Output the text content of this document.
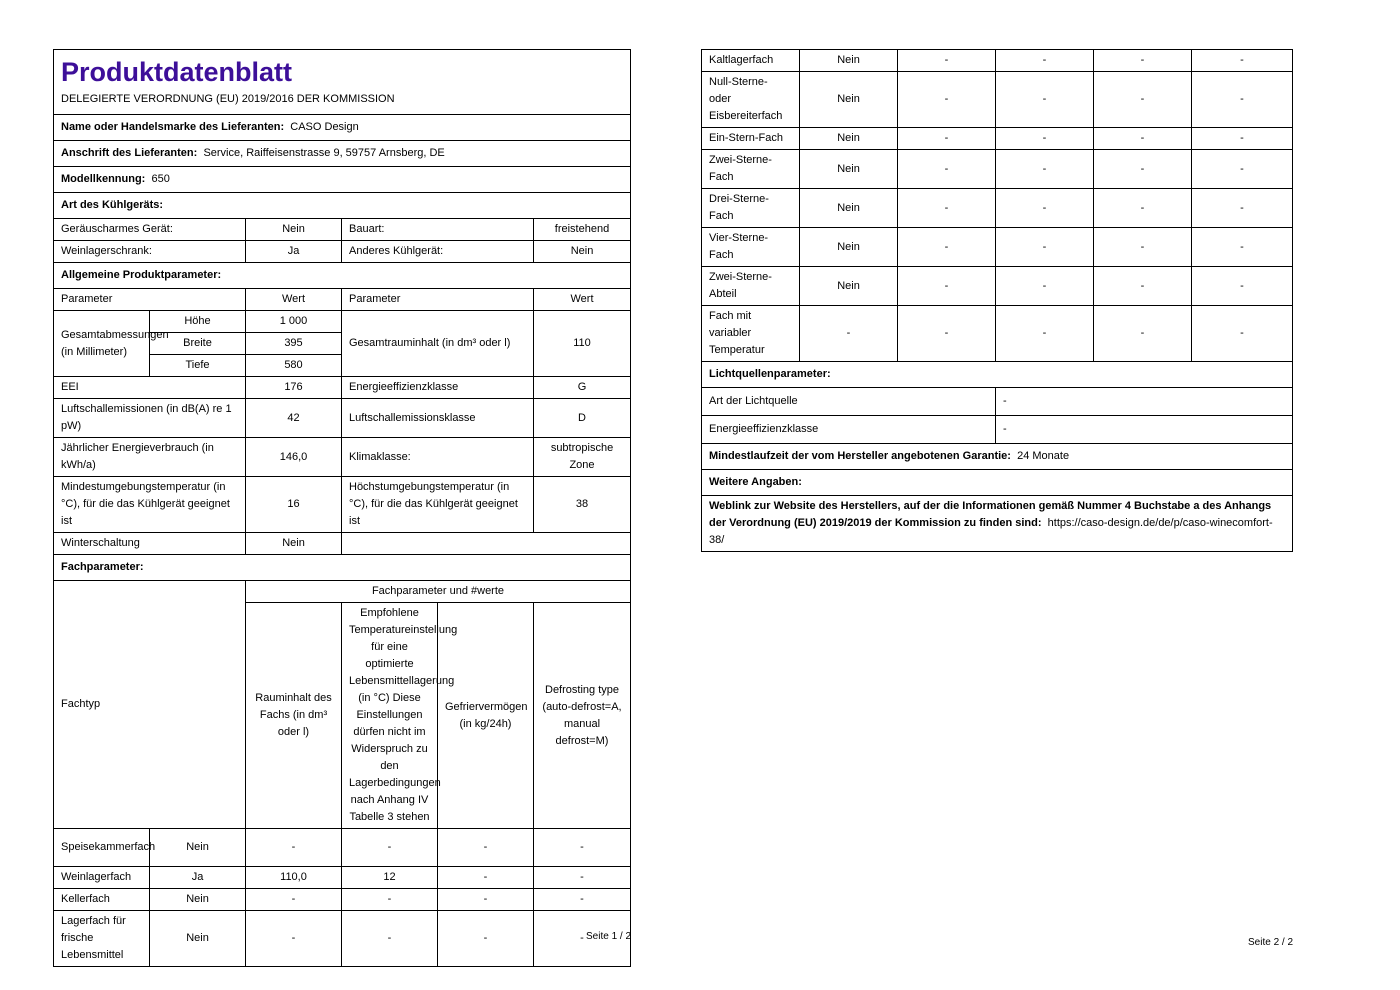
Produktdatenblatt
DELEGIERTE VERORDNUNG (EU) 2019/2016 DER KOMMISSION					

Name oder Handelsmarke des Lieferanten: CASO Design					
Anschrift des Lieferanten: Service, Raiffeisenstrasse 9, 59757 Arnsberg, DE					
Modellkennung: 650					
Art des Kühlgeräts:					
Geräuscharmes Gerät:		Nein	Bauart:		freistehend
Weinlagerschrank:		Ja	Anderes Kühlgerät:		Nein
Allgemeine Produktparameter:					
Parameter		Wert	Parameter		Wert
Gesamtabmessungen (in Millimeter)	Höhe	1 000	Gesamtrauminhalt (in dm³ oder l)		110
	Breite	395			
	Tiefe	580			
EEI		176	Energieeffizienzklasse		G
Luftschallemissionen (in dB(A) re 1 pW)		42	Luftschallemissionsklasse		D
Jährlicher Energieverbrauch (in kWh/a)		146,0	Klimaklasse:		subtropische Zone
Mindestumgebungstemperatur (in °C), für die das Kühlgerät geeignet ist		16	Höchstumgebungstemperatur (in °C), für die das Kühlgerät geeignet ist		38
Winterschaltung		Nein			
Fachparameter:					
Fachtyp		Fachparameter und #werte			
		Rauminhalt des Fachs (in dm³ oder l)	Empfohlene Temperatureinstellung für eine optimierte Lebensmittellagerung (in °C) Diese Einstellungen dürfen nicht im Widerspruch zu den Lagerbedingungen nach Anhang IV Tabelle 3 stehen	Gefriervermögen (in kg/24h)	Defrosting type (auto-defrost=A, manual defrost=M)
Speisekammerfach	Nein	-	-	-	-
Weinlagerfach	Ja	110,0	12	-	-
Kellerfach	Nein	-	-	-	-
Lagerfach für frische Lebensmittel	Nein	-	-	-	- Seite 1 / 2
Kaltlagerfach	Nein	-	-	-	-
Null-Sterne- oder Eisbereiterfach	Nein	-	-	-	-
Ein-Stern-Fach	Nein	-	-	-	-
Zwei-Sterne-Fach	Nein	-	-	-	-
Drei-Sterne-Fach	Nein	-	-	-	-
Vier-Sterne-Fach	Nein	-	-	-	-
Zwei-Sterne-Abteil	Nein	-	-	-	-
Fach mit variabler Temperatur	-	-	-	-	-
Lichtquellenparameter:					
Art der Lichtquelle			-		
Energieeffizienzklasse			-		
Mindestlaufzeit der vom Hersteller angebotenen Garantie: 24 Monate					
Weitere Angaben:					
Weblink zur Website des Herstellers, auf der die Informationen gemäß Nummer 4 Buchstabe a des Anhangs der Verordnung (EU) 2019/2019 der Kommission zu finden sind: https://caso-design.de/de/p/caso-winecomfort-38/					
Seite 2 / 2
